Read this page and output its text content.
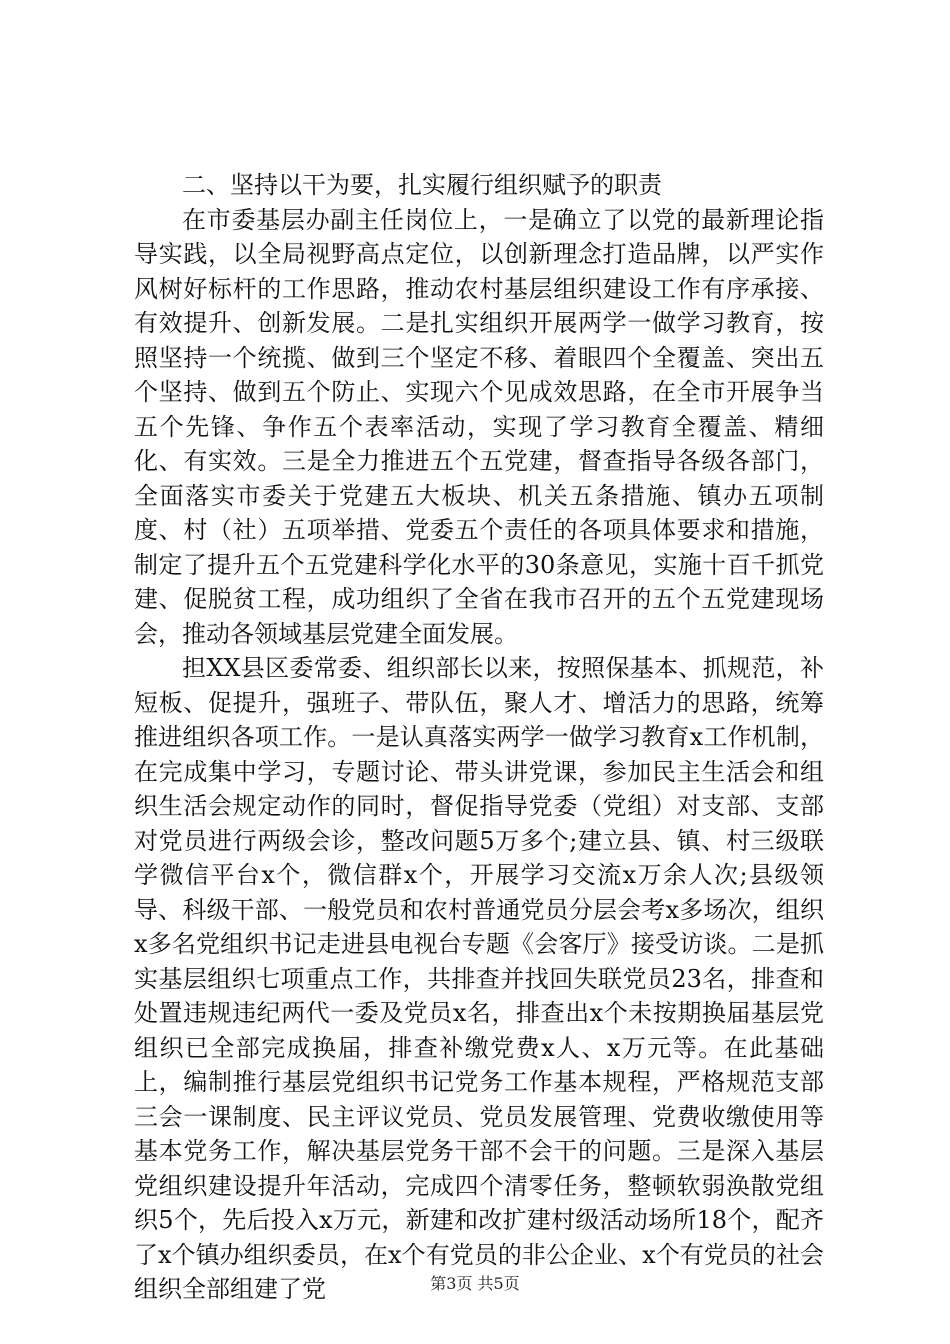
二、坚持以干为要，扎实履行组织赋予的职责

在市委基层办副主任岗位上，一是确立了以党的最新理论指导实践，以全局视野高点定位，以创新理念打造品牌，以严实作风树好标杆的工作思路，推动农村基层组织建设工作有序承接、有效提升、创新发展。二是扎实组织开展两学一做学习教育，按照坚持一个统揽、做到三个坚定不移、着眼四个全覆盖、突出五个坚持、做到五个防止、实现六个见成效思路，在全市开展争当五个先锋、争作五个表率活动，实现了学习教育全覆盖、精细化、有实效。三是全力推进五个五党建，督查指导各级各部门，全面落实市委关于党建五大板块、机关五条措施、镇办五项制度、村（社）五项举措、党委五个责任的各项具体要求和措施，制定了提升五个五党建科学化水平的30条意见，实施十百千抓党建、促脱贫工程，成功组织了全省在我市召开的五个五党建现场会，推动各领域基层党建全面发展。

担XX县区委常委、组织部长以来，按照保基本、抓规范，补短板、促提升，强班子、带队伍，聚人才、增活力的思路，统筹推进组织各项工作。一是认真落实两学一做学习教育x工作机制，在完成集中学习，专题讨论、带头讲党课，参加民主生活会和组织生活会规定动作的同时，督促指导党委（党组）对支部、支部对党员进行两级会诊，整改问题5万多个;建立县、镇、村三级联学微信平台x个，微信群x个，开展学习交流x万余人次;县级领导、科级干部、一般党员和农村普通党员分层会考x多场次，组织x多名党组织书记走进县电视台专题《会客厅》接受访谈。二是抓实基层组织七项重点工作，共排查并找回失联党员23名，排查和处置违规违纪两代一委及党员x名，排查出x个未按期换届基层党组织已全部完成换届，排查补缴党费x人、x万元等。在此基础上，编制推行基层党组织书记党务工作基本规程，严格规范支部三会一课制度、民主评议党员、党员发展管理、党费收缴使用等基本党务工作，解决基层党务干部不会干的问题。三是深入基层党组织建设提升年活动，完成四个清零任务，整顿软弱涣散党组织5个，先后投入x万元，新建和改扩建村级活动场所18个，配齐了x个镇办组织委员，在x个有党员的非公企业、x个有党员的社会组织全部组建了党	第3页 共5页
